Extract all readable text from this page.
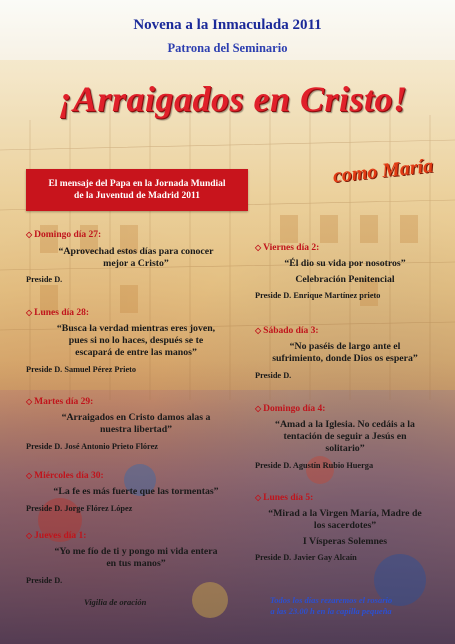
Novena a la Inmaculada 2011
Patrona del Seminario
¡Arraigados en Cristo!
como María
El mensaje del Papa en la Jornada Mundial
de la Juventud de Madrid 2011
◇ Domingo día 27:
“Aprovechad estos días para conocer
mejor a Cristo”
Preside D.
◇ Lunes día 28:
“Busca la verdad mientras eres joven,
pues si no lo haces, después se te
escapará de entre las manos”
Preside D. Samuel Pérez Prieto
◇ Martes día 29:
“Arraigados en Cristo damos alas a
nuestra libertad”
Preside D. José Antonio Prieto Flórez
◇ Miércoles día 30:
“La fe es más fuerte que las tormentas”
Preside D. Jorge Flórez López
◇ Jueves día 1:
“Yo me fío de ti y pongo mi vida entera
en tus manos”
Preside D.
◇ Viernes día 2:
“Él dio su vida por nosotros”
Celebración Penitencial
Preside D. Enrique Martínez prieto
◇ Sábado día 3:
“No paséis de largo ante el
sufrimiento, donde Dios os espera”
Preside D.
◇ Domingo día 4:
“Amad a la Iglesia. No cedáis a la
tentación de seguir a Jesús en
solitario”
Preside D. Agustín Rubio Huerga
◇ Lunes día 5:
“Mirad a la Virgen María, Madre de
los sacerdotes”
I Vísperas Solemnes
Preside D. Javier Gay Alcaín
Vigilia de oración	Todos los días rezaremos el rosario
a las 23.00 h en la capilla pequeña
